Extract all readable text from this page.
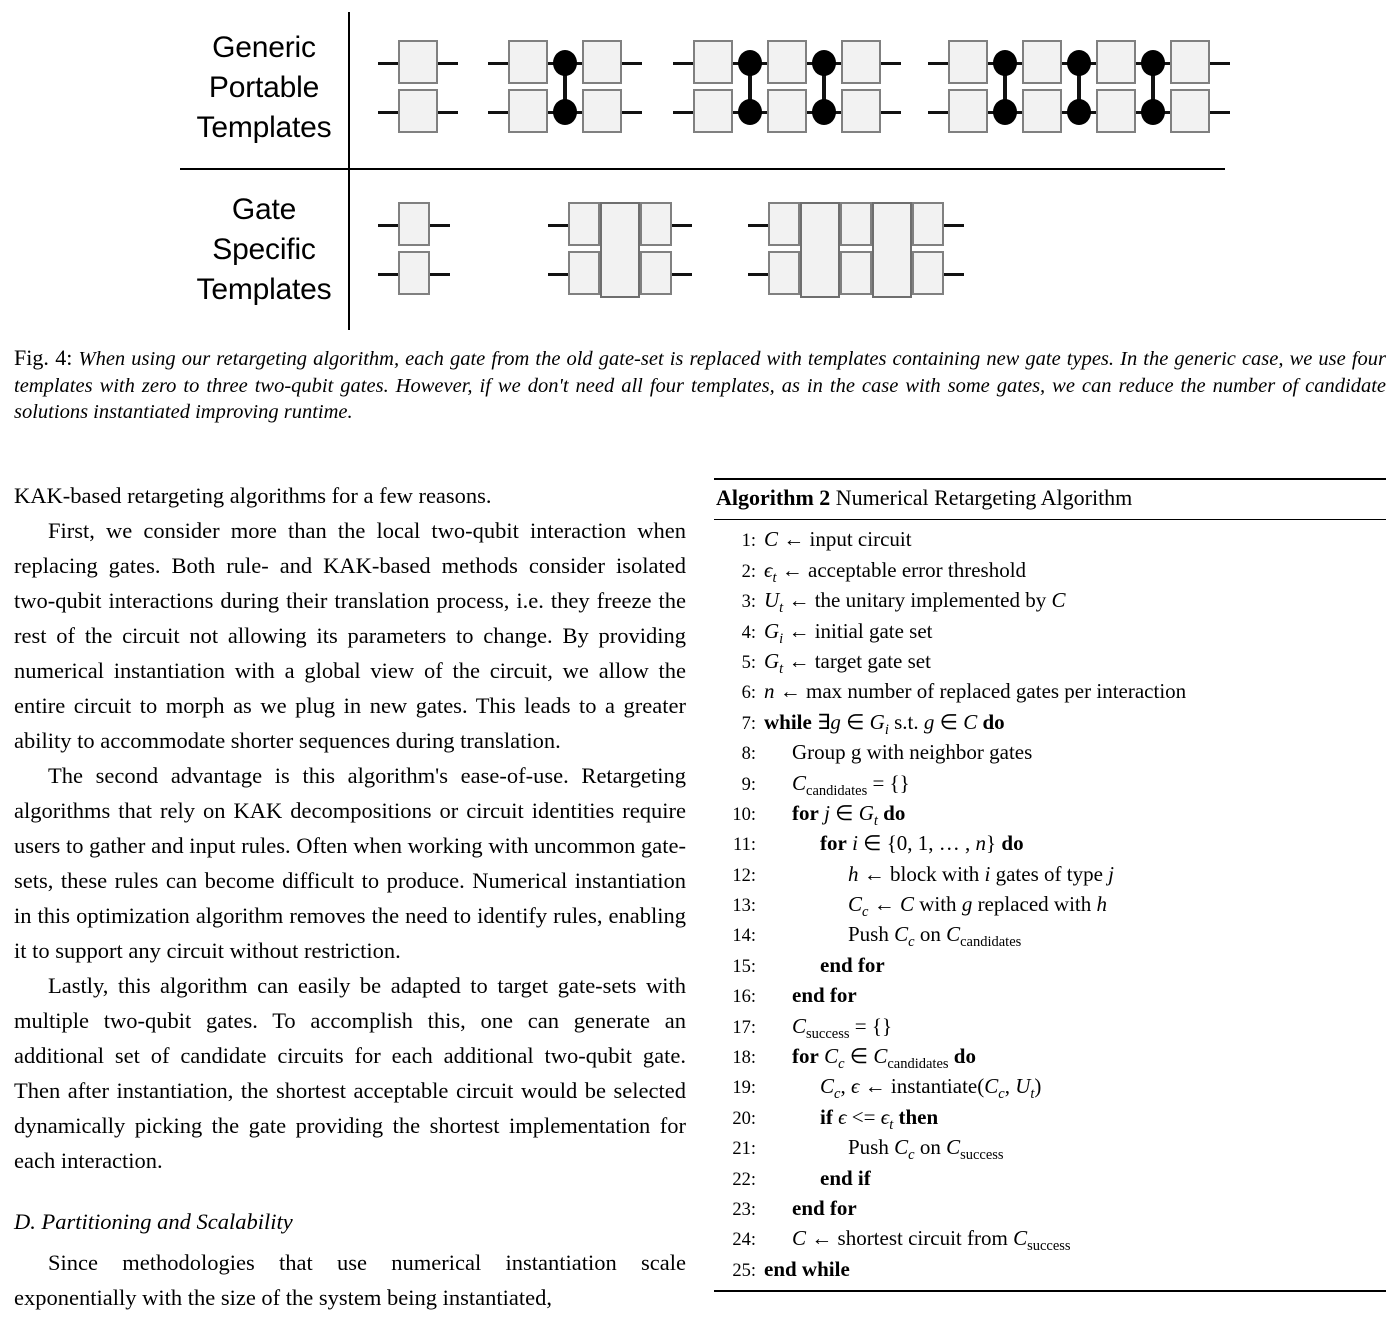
Generic
Portable
Templates
Gate
Specific
Templates
Fig. 4: When using our retargeting algorithm, each gate from the old gate-set is replaced with templates containing new gate types. In the generic case, we use four templates with zero to three two-qubit gates. However, if we don't need all four templates, as in the case with some gates, we can reduce the number of candidate solutions instantiated improving runtime.

KAK-based retargeting algorithms for a few reasons.

First, we consider more than the local two-qubit interaction when replacing gates. Both rule- and KAK-based methods consider isolated two-qubit interactions during their translation process, i.e. they freeze the rest of the circuit not allowing its parameters to change. By providing numerical instantiation with a global view of the circuit, we allow the entire circuit to morph as we plug in new gates. This leads to a greater ability to accommodate shorter sequences during translation.

The second advantage is this algorithm's ease-of-use. Retargeting algorithms that rely on KAK decompositions or circuit identities require users to gather and input rules. Often when working with uncommon gate-sets, these rules can become difficult to produce. Numerical instantiation in this optimization algorithm removes the need to identify rules, enabling it to support any circuit without restriction.

Lastly, this algorithm can easily be adapted to target gate-sets with multiple two-qubit gates. To accomplish this, one can generate an additional set of candidate circuits for each additional two-qubit gate. Then after instantiation, the shortest acceptable circuit would be selected dynamically picking the gate providing the shortest implementation for each interaction.

D. Partitioning and Scalability

Since methodologies that use numerical instantiation scale exponentially with the size of the system being instantiated,

Algorithm 2 Numerical Retargeting Algorithm
1: C ← input circuit
2: $\epsilon_t$ ← acceptable error threshold
3: $U_t$ ← the unitary implemented by C
4: $G_i$ ← initial gate set
5: $G_t$ ← target gate set
6: n ← max number of replaced gates per interaction
7: while ∃g ∈ $G_i$ s.t. g ∈ C do
8:	Group g with neighbor gates
9:	$C_{candidates}$ = {}
10:	for j ∈ $G_t$ do
11:	for i ∈ {0, 1, … , n} do
12:	h ← block with i gates of type j
13:	$C_c$ ← C with g replaced with h
14:	Push $C_c$ on $C_{candidates}$
15:	end for
16:	end for
17:	$C_{success}$ = {}
18:	for $C_c$ ∈ $C_{candidates}$ do
19:	$C_c$, ϵ ← $instantiate(C_c$, $U_t$)
20:	if $\epsilon <= \epsilon_t$ then
21:	Push $C_c$ on $C_{success}$
22:	end if
23:	end for
24:	C ← shortest circuit from $C_{success}$
25: end while
